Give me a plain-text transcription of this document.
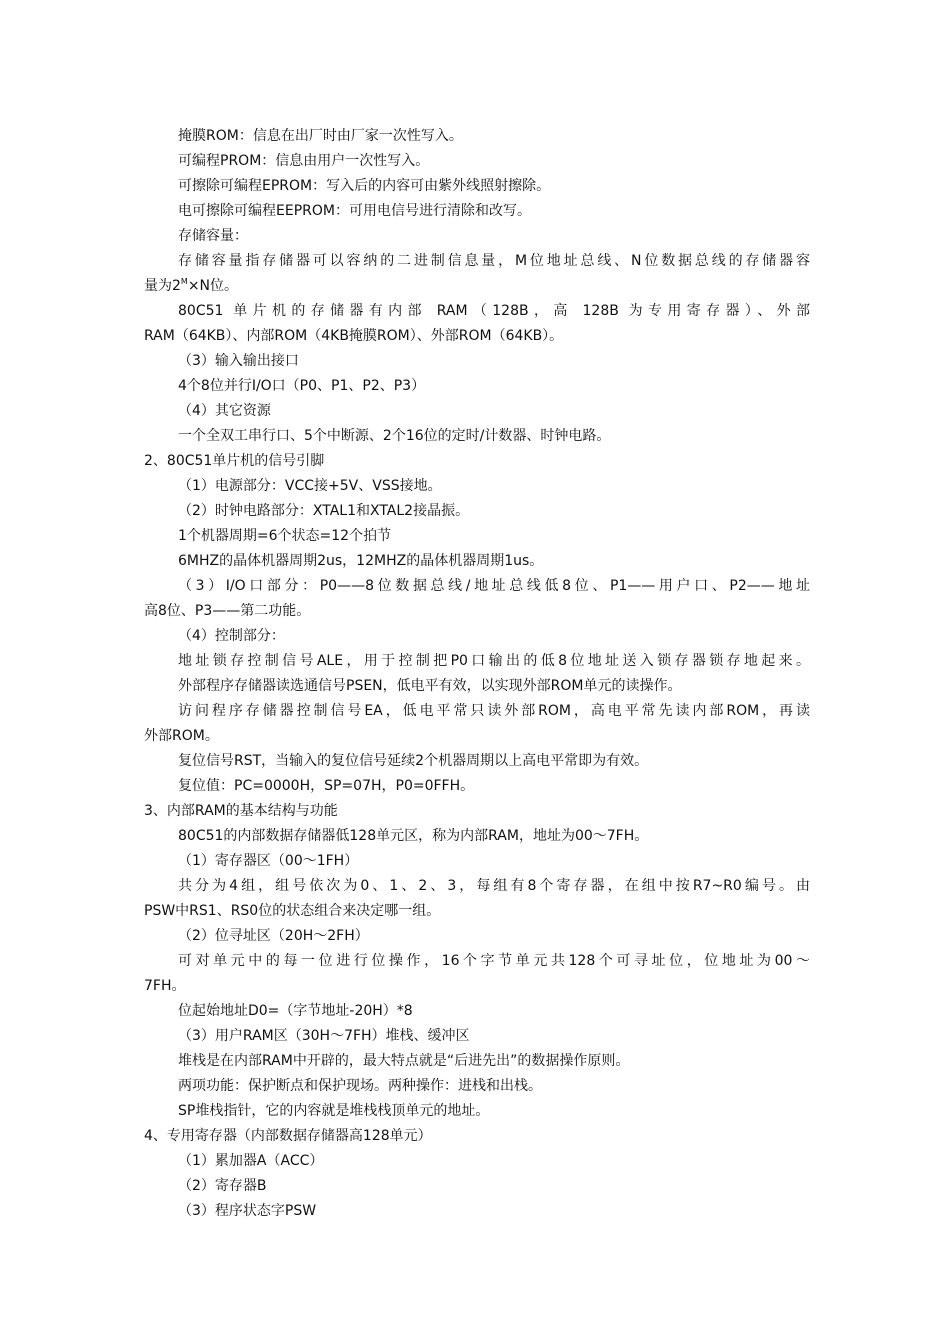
掩膜ROM：信息在出厂时由厂家一次性写入。
可编程PROM：信息由用户一次性写入。
可擦除可编程EPROM：写入后的内容可由紫外线照射擦除。
电可擦除可编程EEPROM：可用电信号进行清除和改写。
存储容量：
存储容量指存储器可以容纳的二进制信息量，M位地址总线、N位数据总线的存储器容
量为$2^M\times N$位。
80C51 单片机的存储器有内部 RAM（128B，高 128B 为专用寄存器）、外部
RAM（64KB）、内部ROM（4KB掩膜ROM）、外部ROM（64KB）。
（3）输入输出接口
4个8位并行I/O口（P0、P1、P2、P3）
（4）其它资源
一个全双工串行口、5个中断源、2个16位的定时/计数器、时钟电路。
2、80C51单片机的信号引脚
（1）电源部分：VCC接+5V、VSS接地。
（2）时钟电路部分：XTAL1和XTAL2接晶振。
1个机器周期=6个状态=12个拍节
6MHZ的晶体机器周期2us，12MHZ的晶体机器周期1us。
（3）I/O口部分：P0——8位数据总线/地址总线低8位、P1——用户口、P2——地址
高8位、P3——第二功能。
（4）控制部分：
地址锁存控制信号ALE，用于控制把P0口输出的低8位地址送入锁存器锁存地起来。
外部程序存储器读选通信号PSEN，低电平有效，以实现外部ROM单元的读操作。
访问程序存储器控制信号EA，低电平常只读外部ROM，高电平常先读内部ROM，再读
外部ROM。
复位信号RST，当输入的复位信号延续2个机器周期以上高电平常即为有效。
复位值：PC=0000H，SP=07H，P0=0FFH。
3、内部RAM的基本结构与功能
80C51的内部数据存储器低128单元区，称为内部RAM，地址为00～7FH。
（1）寄存器区（00～1FH）
共分为4组，组号依次为0、1、2、3，每组有8个寄存器，在组中按R7~R0编号。由
PSW中RS1、RS0位的状态组合来决定哪一组。
（2）位寻址区（20H～2FH）
可对单元中的每一位进行位操作，16个字节单元共128个可寻址位，位地址为00～
7FH。
位起始地址D0=（字节地址-20H）*8
（3）用户RAM区（30H～7FH）堆栈、缓冲区
堆栈是在内部RAM中开辟的，最大特点就是“后进先出”的数据操作原则。
两项功能：保护断点和保护现场。两种操作：进栈和出栈。
SP堆栈指针，它的内容就是堆栈栈顶单元的地址。
4、专用寄存器（内部数据存储器高128单元）
（1）累加器A（ACC）
（2）寄存器B
（3）程序状态字PSW
